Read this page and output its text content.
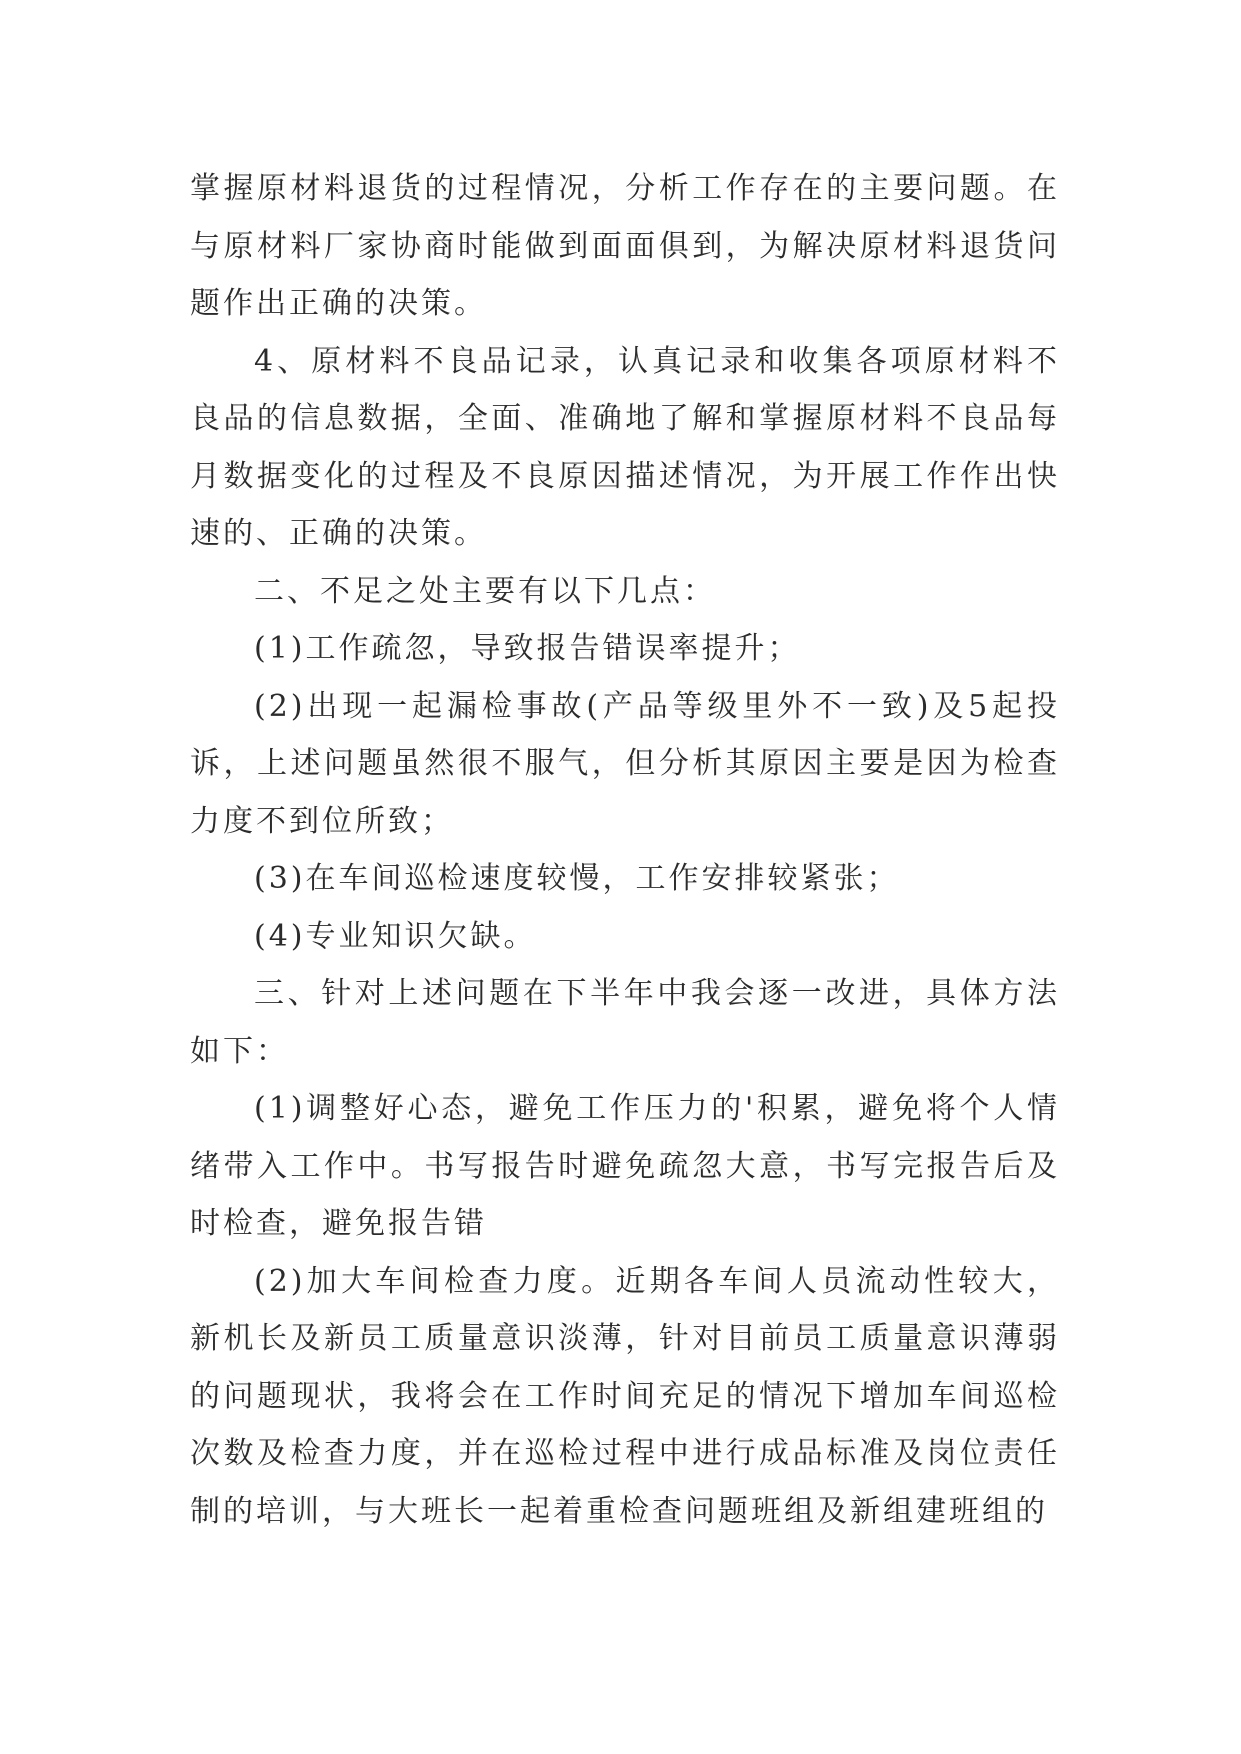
掌握原材料退货的过程情况，分析工作存在的主要问题。在与原材料厂家协商时能做到面面俱到，为解决原材料退货问题作出正确的决策。

4、原材料不良品记录，认真记录和收集各项原材料不良品的信息数据，全面、准确地了解和掌握原材料不良品每月数据变化的过程及不良原因描述情况，为开展工作作出快速的、正确的决策。

二、不足之处主要有以下几点：

(1)工作疏忽，导致报告错误率提升；

(2)出现一起漏检事故(产品等级里外不一致)及5起投诉，上述问题虽然很不服气，但分析其原因主要是因为检查力度不到位所致；

(3)在车间巡检速度较慢，工作安排较紧张；

(4)专业知识欠缺。

三、针对上述问题在下半年中我会逐一改进，具体方法如下：

(1)调整好心态，避免工作压力的'积累，避免将个人情绪带入工作中。书写报告时避免疏忽大意，书写完报告后及时检查，避免报告错

(2)加大车间检查力度。近期各车间人员流动性较大，新机长及新员工质量意识淡薄，针对目前员工质量意识薄弱的问题现状，我将会在工作时间充足的情况下增加车间巡检次数及检查力度，并在巡检过程中进行成品标准及岗位责任制的培训，与大班长一起着重检查问题班组及新组建班组的
